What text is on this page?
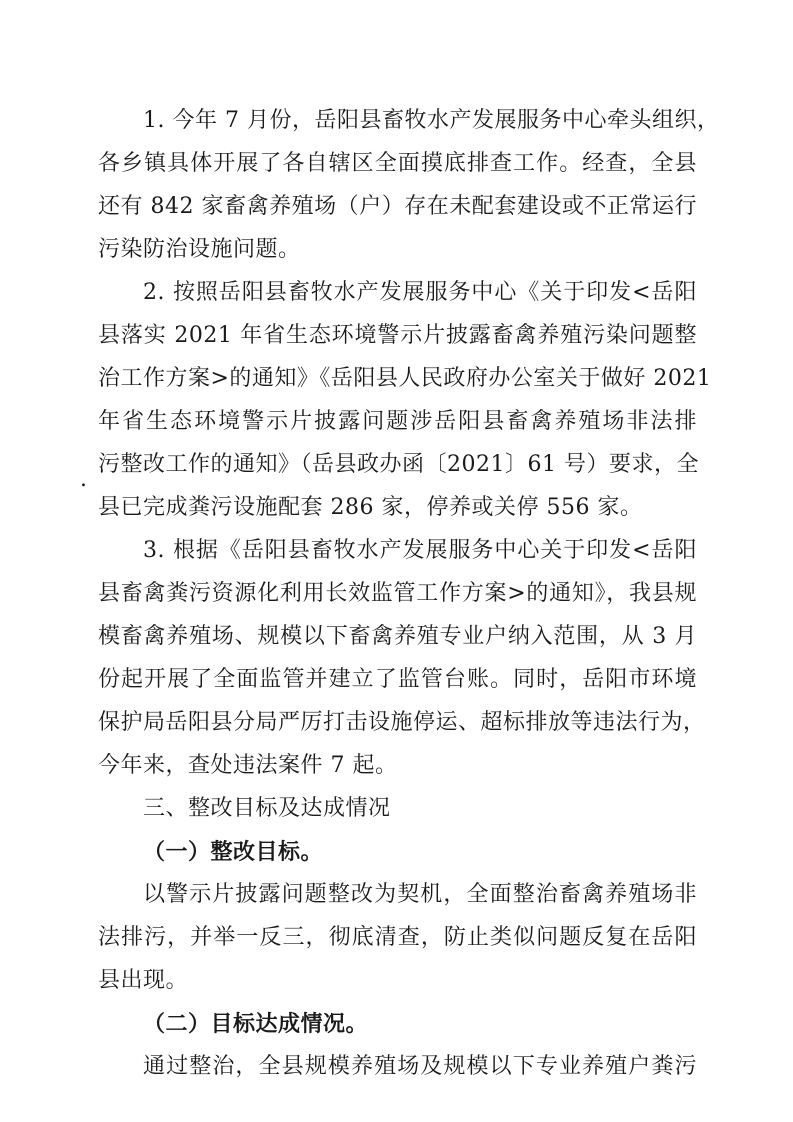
1. 今年 7 月份，岳阳县畜牧水产发展服务中心牵头组织，
各乡镇具体开展了各自辖区全面摸底排查工作。经查，全县
还有 842 家畜禽养殖场（户）存在未配套建设或不正常运行
污染防治设施问题。
2. 按照岳阳县畜牧水产发展服务中心《关于印发<岳阳
县落实 2021 年省生态环境警示片披露畜禽养殖污染问题整
治工作方案>的通知》《岳阳县人民政府办公室关于做好 2021
年省生态环境警示片披露问题涉岳阳县畜禽养殖场非法排
.
污整改工作的通知》（岳县政办函〔2021〕61 号）要求，全
县已完成粪污设施配套 286 家，停养或关停 556 家。
3. 根据《岳阳县畜牧水产发展服务中心关于印发<岳阳
县畜禽粪污资源化利用长效监管工作方案>的通知》，我县规
模畜禽养殖场、规模以下畜禽养殖专业户纳入范围，从 3 月
份起开展了全面监管并建立了监管台账。同时，岳阳市环境
保护局岳阳县分局严厉打击设施停运、超标排放等违法行为，
今年来，查处违法案件 7 起。
三、整改目标及达成情况
（一）整改目标。
以警示片披露问题整改为契机，全面整治畜禽养殖场非
法排污，并举一反三，彻底清查，防止类似问题反复在岳阳
县出现。
（二）目标达成情况。
通过整治，全县规模养殖场及规模以下专业养殖户粪污
